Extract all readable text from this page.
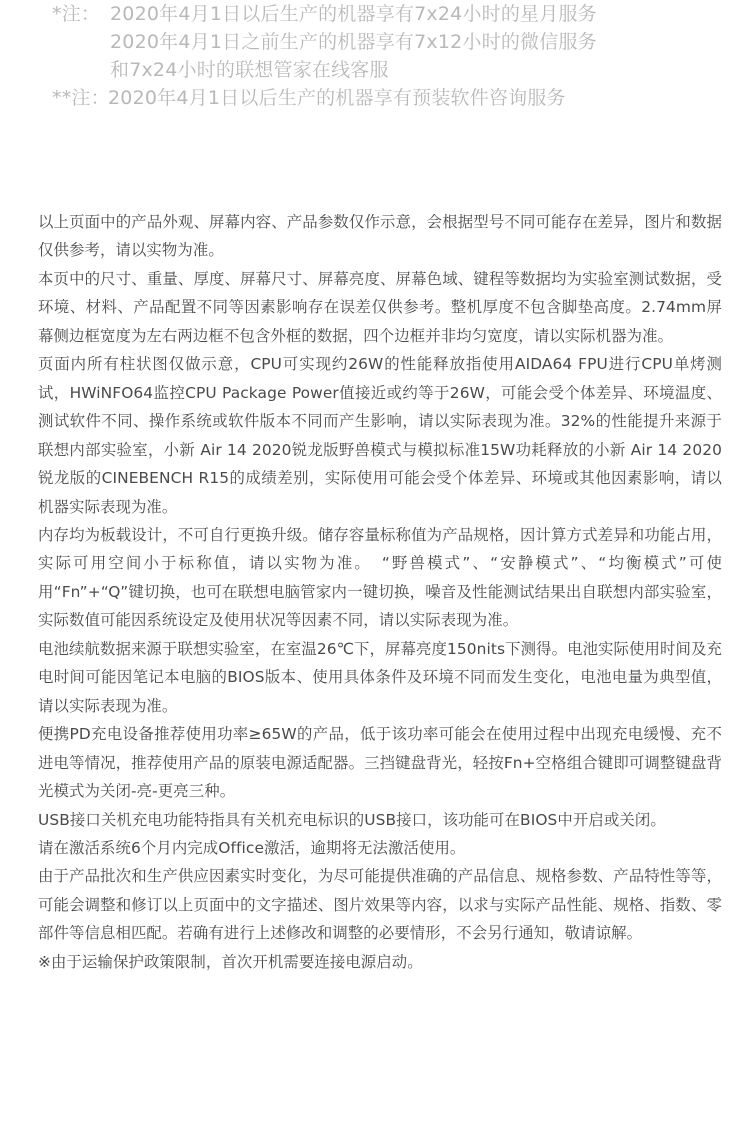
*注： 2020年4月1日以后生产的机器享有7x24小时的星月服务
2020年4月1日之前生产的机器享有7x12小时的微信服务
和7x24小时的联想管家在线客服
**注：2020年4月1日以后生产的机器享有预装软件咨询服务

以上页面中的产品外观、屏幕内容、产品参数仅作示意，会根据型号不同可能存在差异，图片和数据仅供参考，请以实物为准。

本页中的尺寸、重量、厚度、屏幕尺寸、屏幕亮度、屏幕色域、键程等数据均为实验室测试数据，受环境、材料、产品配置不同等因素影响存在误差仅供参考。整机厚度不包含脚垫高度。2.74mm屏幕侧边框宽度为左右两边框不包含外框的数据，四个边框并非均匀宽度，请以实际机器为准。

页面内所有柱状图仅做示意，CPU可实现约26W的性能释放指使用AIDA64 FPU进行CPU单烤测试，HWiNFO64监控CPU Package Power值接近或约等于26W，可能会受个体差异、环境温度、测试软件不同、操作系统或软件版本不同而产生影响，请以实际表现为准。32%的性能提升来源于联想内部实验室，小新 Air 14 2020锐龙版野兽模式与模拟标准15W功耗释放的小新 Air 14 2020锐龙版的CINEBENCH R15的成绩差别，实际使用可能会受个体差异、环境或其他因素影响，请以机器实际表现为准。

内存均为板载设计，不可自行更换升级。储存容量标称值为产品规格，因计算方式差异和功能占用，实际可用空间小于标称值，请以实物为准。　“野兽模式”、“安静模式”、“均衡模式”可使用“Fn”+“Q”键切换，也可在联想电脑管家内一键切换，噪音及性能测试结果出自联想内部实验室，实际数值可能因系统设定及使用状况等因素不同，请以实际表现为准。

电池续航数据来源于联想实验室，在室温26℃下，屏幕亮度150nits下测得。电池实际使用时间及充电时间可能因笔记本电脑的BIOS版本、使用具体条件及环境不同而发生变化，电池电量为典型值，请以实际表现为准。

便携PD充电设备推荐使用功率≥65W的产品，低于该功率可能会在使用过程中出现充电缓慢、充不进电等情况，推荐使用产品的原装电源适配器。三挡键盘背光，轻按Fn+空格组合键即可调整键盘背光模式为关闭-亮-更亮三种。

USB接口关机充电功能特指具有关机充电标识的USB接口，该功能可在BIOS中开启或关闭。

请在激活系统6个月内完成Office激活，逾期将无法激活使用。

由于产品批次和生产供应因素实时变化，为尽可能提供准确的产品信息、规格参数、产品特性等等，可能会调整和修订以上页面中的文字描述、图片效果等内容，以求与实际产品性能、规格、指数、零部件等信息相匹配。若确有进行上述修改和调整的必要情形，不会另行通知，敬请谅解。

※由于运输保护政策限制，首次开机需要连接电源启动。
